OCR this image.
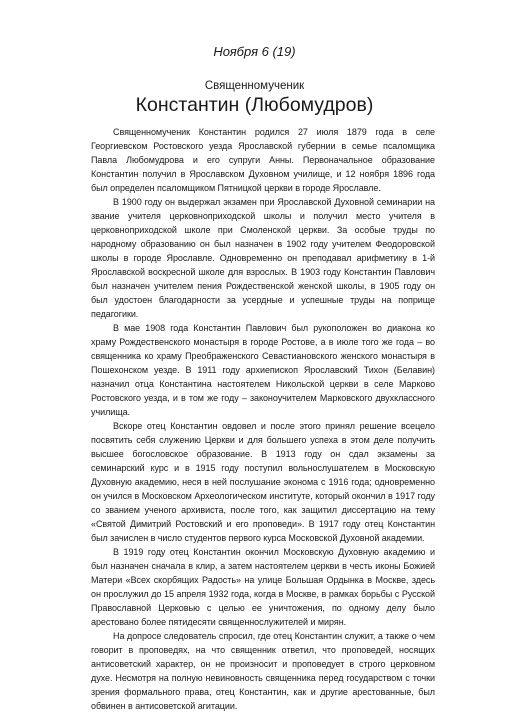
Ноября 6 (19)
Священномученик
Константин (Любомудров)

Священномученик Константин родился 27 июля 1879 года в селе Георгиевском Ростовского уезда Ярославской губернии в семье псаломщика Павла Любомудрова и его супруги Анны. Первоначальное образование Константин получил в Ярославском Духовном училище, и 12 ноября 1896 года был определен псаломщиком Пятницкой церкви в городе Ярославле.

В 1900 году он выдержал экзамен при Ярославской Духовной семинарии на звание учителя церковноприходской школы и получил место учителя в церковноприходской школе при Смоленской церкви. За особые труды по народному образованию он был назначен в 1902 году учителем Феодоровской школы в городе Ярославле. Одновременно он преподавал арифметику в 1-й Ярославской воскресной школе для взрослых. В 1903 году Константин Павлович был назначен учителем пения Рождественской женской школы, в 1905 году он был удостоен благодарности за усердные и успешные труды на поприще педагогики.

В мае 1908 года Константин Павлович был рукоположен во диакона ко храму Рождественского монастыря в городе Ростове, а в июле того же года – во священника ко храму Преображенского Севастиановского женского монастыря в Пошехонском уезде. В 1911 году архиепископ Ярославский Тихон (Белавин) назначил отца Константина настоятелем Никольской церкви в селе Марково Ростовского уезда, и в том же году – законоучителем Марковского двухклассного училища.

Вскоре отец Константин овдовел и после этого принял решение всецело посвятить себя служению Церкви и для большего успеха в этом деле получить высшее богословское образование. В 1913 году он сдал экзамены за семинарский курс и в 1915 году поступил вольнослушателем в Московскую Духовную академию, неся в ней послушание эконома с 1916 года; одновременно он учился в Московском Археологическом институте, который окончил в 1917 году со званием ученого архивиста, после того, как защитил диссертацию на тему «Святой Димитрий Ростовский и его проповеди». В 1917 году отец Константин был зачислен в число студентов первого курса Московской Духовной академии.

В 1919 году отец Константин окончил Московскую Духовную академию и был назначен сначала в клир, а затем настоятелем церкви в честь иконы Божией Матери «Всех скорбящих Радость» на улице Большая Ордынка в Москве, здесь он прослужил до 15 апреля 1932 года, когда в Москве, в рамках борьбы с Русской Православной Церковью с целью ее уничтожения, по одному делу было арестовано более пятидесяти священнослужителей и мирян.

На допросе следователь спросил, где отец Константин служит, а также о чем говорит в проповедях, на что священник ответил, что проповедей, носящих антисоветский характер, он не произносит и проповедует в строго церковном духе. Несмотря на полную невиновность священника перед государством с точки зрения формального права, отец Константин, как и другие арестованные, был обвинен в антисоветской агитации.
